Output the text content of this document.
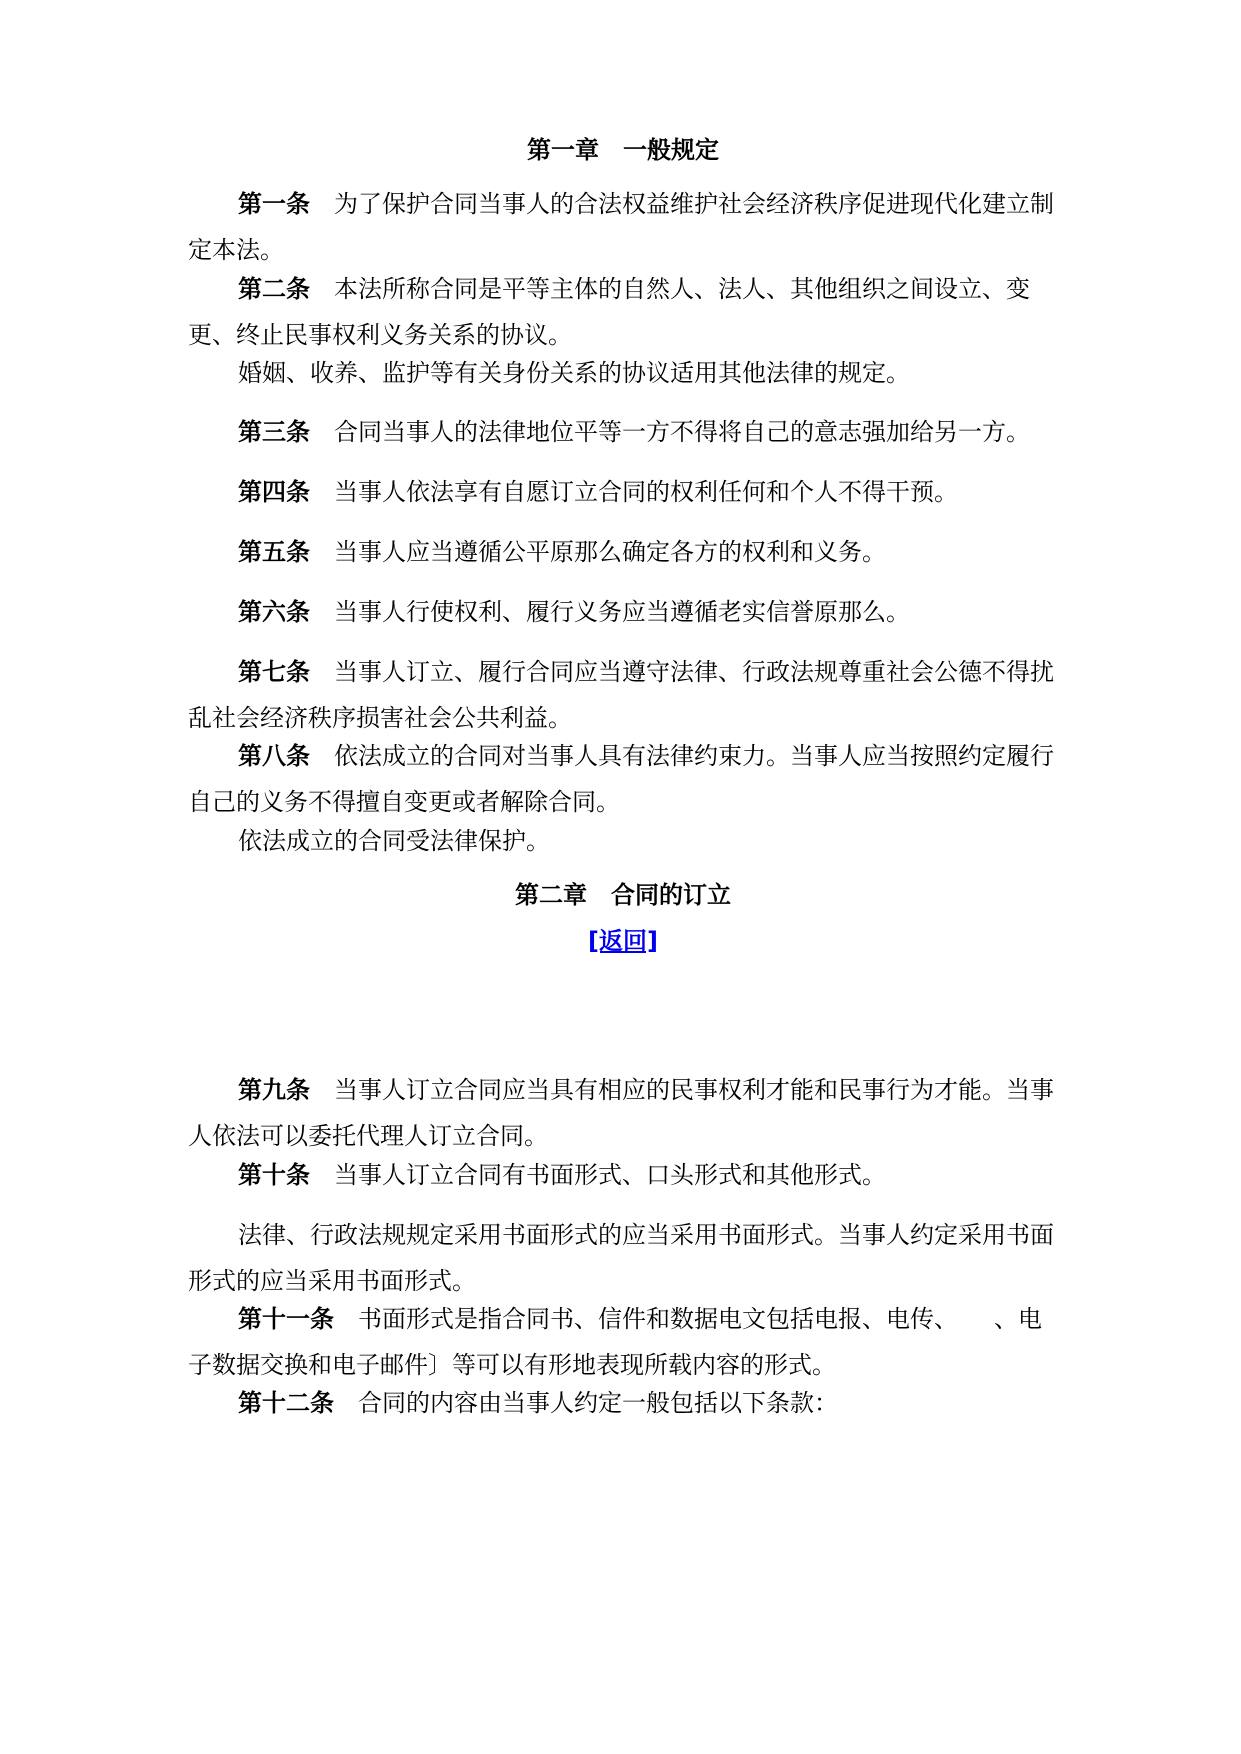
第一章 一般规定

第一条 为了保护合同当事人的合法权益维护社会经济秩序促进现代化建立制定本法。

第二条 本法所称合同是平等主体的自然人、法人、其他组织之间设立、变更、终止民事权利义务关系的协议。

婚姻、收养、监护等有关身份关系的协议适用其他法律的规定。

第三条 合同当事人的法律地位平等一方不得将自己的意志强加给另一方。

第四条 当事人依法享有自愿订立合同的权利任何和个人不得干预。

第五条 当事人应当遵循公平原那么确定各方的权利和义务。

第六条 当事人行使权利、履行义务应当遵循老实信誉原那么。

第七条 当事人订立、履行合同应当遵守法律、行政法规尊重社会公德不得扰乱社会经济秩序损害社会公共利益。

第八条 依法成立的合同对当事人具有法律约束力。当事人应当按照约定履行自己的义务不得擅自变更或者解除合同。

依法成立的合同受法律保护。

第二章 合同的订立
[返回]

第九条 当事人订立合同应当具有相应的民事权利才能和民事行为才能。当事人依法可以委托代理人订立合同。

第十条 当事人订立合同有书面形式、口头形式和其他形式。

法律、行政法规规定采用书面形式的应当采用书面形式。当事人约定采用书面形式的应当采用书面形式。

第十一条 书面形式是指合同书、信件和数据电文包括电报、电传、　　、电子数据交换和电子邮件〕等可以有形地表现所载内容的形式。

第十二条 合同的内容由当事人约定一般包括以下条款：
